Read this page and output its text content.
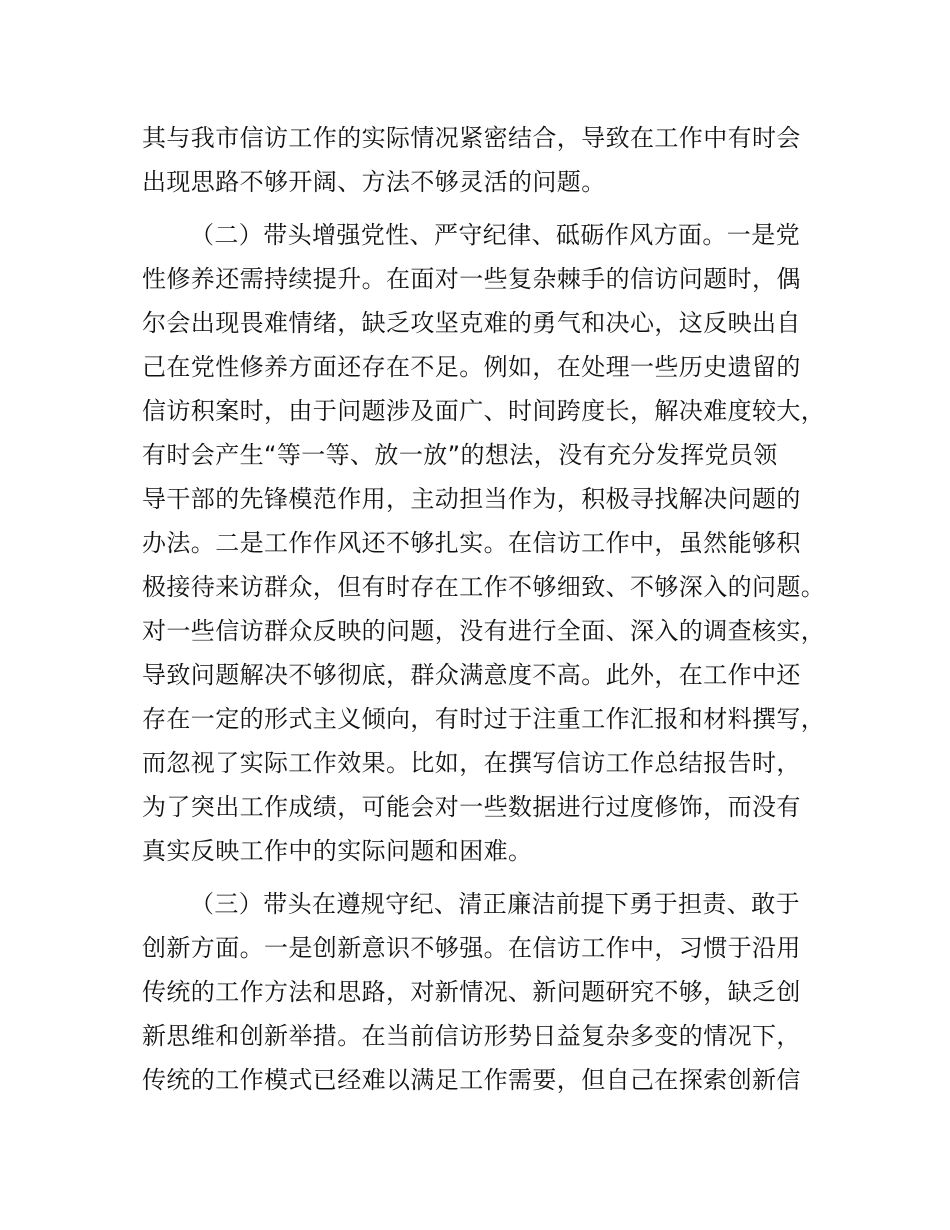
其与我市信访工作的实际情况紧密结合，导致在工作中有时会
出现思路不够开阔、方法不够灵活的问题。
（二）带头增强党性、严守纪律、砥砺作风方面。一是党
性修养还需持续提升。在面对一些复杂棘手的信访问题时，偶
尔会出现畏难情绪，缺乏攻坚克难的勇气和决心，这反映出自
己在党性修养方面还存在不足。例如，在处理一些历史遗留的
信访积案时，由于问题涉及面广、时间跨度长，解决难度较大，
有时会产生“等一等、放一放”的想法，没有充分发挥党员领
导干部的先锋模范作用，主动担当作为，积极寻找解决问题的
办法。二是工作作风还不够扎实。在信访工作中，虽然能够积
极接待来访群众，但有时存在工作不够细致、不够深入的问题。
对一些信访群众反映的问题，没有进行全面、深入的调查核实，
导致问题解决不够彻底，群众满意度不高。此外，在工作中还
存在一定的形式主义倾向，有时过于注重工作汇报和材料撰写，
而忽视了实际工作效果。比如，在撰写信访工作总结报告时，
为了突出工作成绩，可能会对一些数据进行过度修饰，而没有
真实反映工作中的实际问题和困难。
（三）带头在遵规守纪、清正廉洁前提下勇于担责、敢于
创新方面。一是创新意识不够强。在信访工作中，习惯于沿用
传统的工作方法和思路，对新情况、新问题研究不够，缺乏创
新思维和创新举措。在当前信访形势日益复杂多变的情况下，
传统的工作模式已经难以满足工作需要，但自己在探索创新信
